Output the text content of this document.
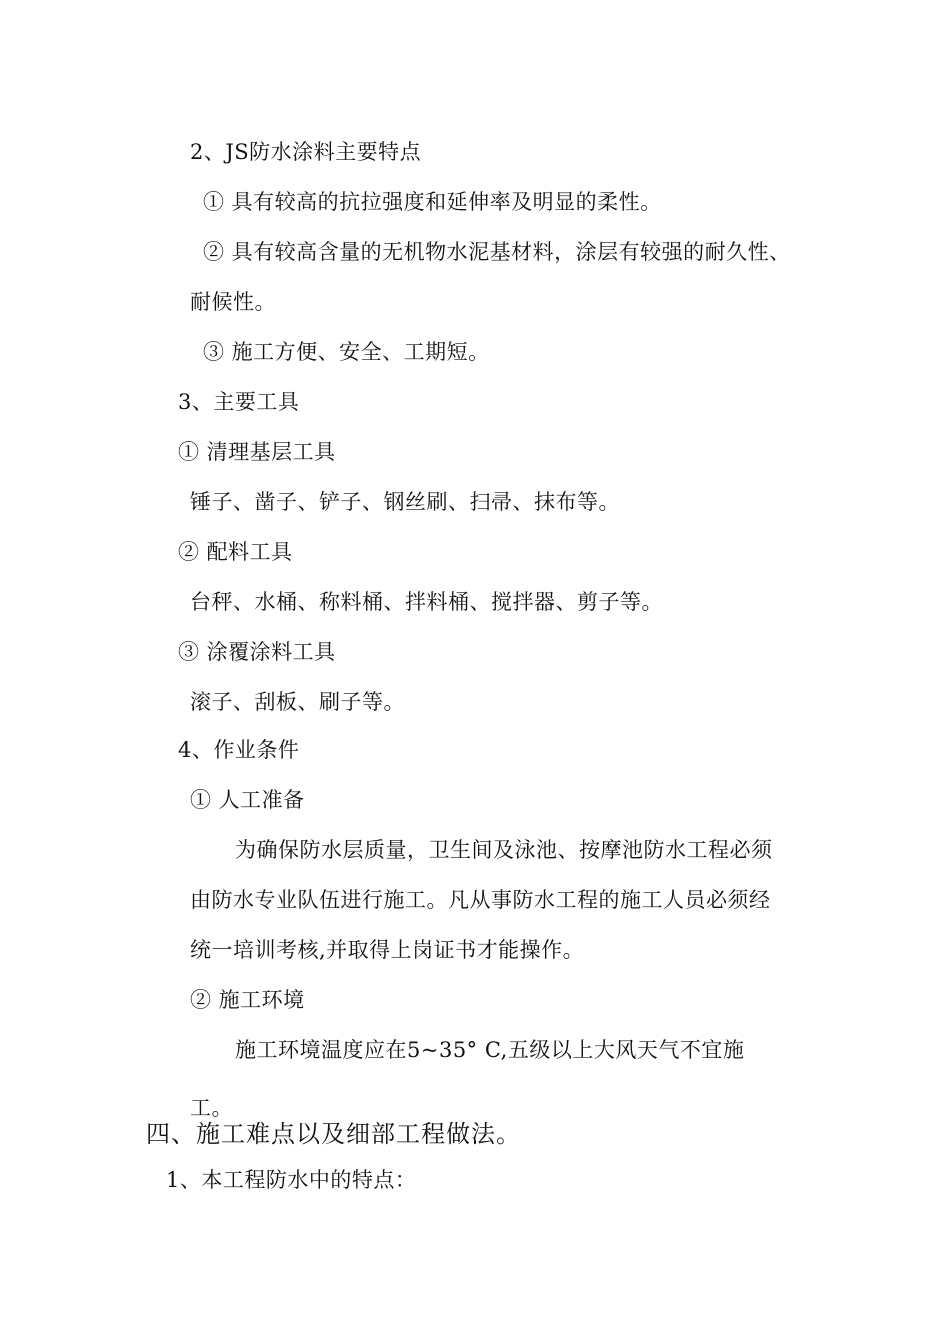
2、JS防水涂料主要特点
① 具有较高的抗拉强度和延伸率及明显的柔性。
② 具有较高含量的无机物水泥基材料，涂层有较强的耐久性、
耐候性。
③ 施工方便、安全、工期短。
3、主要工具
① 清理基层工具
锤子、凿子、铲子、钢丝刷、扫帚、抹布等。
② 配料工具
台秤、水桶、称料桶、拌料桶、搅拌器、剪子等。
③ 涂覆涂料工具
滚子、刮板、刷子等。
4、作业条件
① 人工准备
为确保防水层质量，卫生间及泳池、按摩池防水工程必须
由防水专业队伍进行施工。凡从事防水工程的施工人员必须经
统一培训考核,并取得上岗证书才能操作。
② 施工环境
施工环境温度应在5~35° C,五级以上大风天气不宜施
工。
四、施工难点以及细部工程做法。
1、本工程防水中的特点：
